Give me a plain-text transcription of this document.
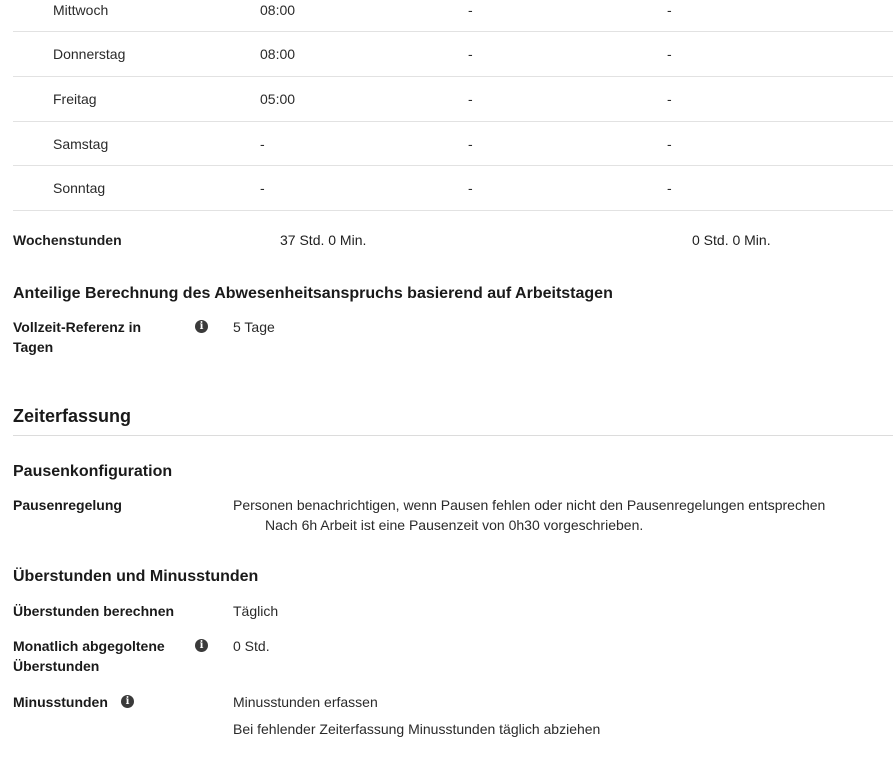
Mittwoch	08:00	-	-
Donnerstag	08:00	-	-
Freitag	05:00	-	-
Samstag	-	-	-
Sonntag	-	-	-
Wochenstunden	37 Std. 0 Min.	0 Std. 0 Min.
Anteilige Berechnung des Abwesenheitsanspruchs basierend auf Arbeitstagen
Vollzeit-Referenz in
Tagen
i	5 Tage
Zeiterfassung
Pausenkonfiguration
Pausenregelung	Personen benachrichtigen, wenn Pausen fehlen oder nicht den Pausenregelungen entsprechen
Nach 6h Arbeit ist eine Pausenzeit von 0h30 vorgeschrieben.
Überstunden und Minusstunden
Überstunden berechnen	Täglich
Monatlich abgegoltene
Überstunden
i	0 Std.
Minusstunden	i	Minusstunden erfassen
Bei fehlender Zeiterfassung Minusstunden täglich abziehen
